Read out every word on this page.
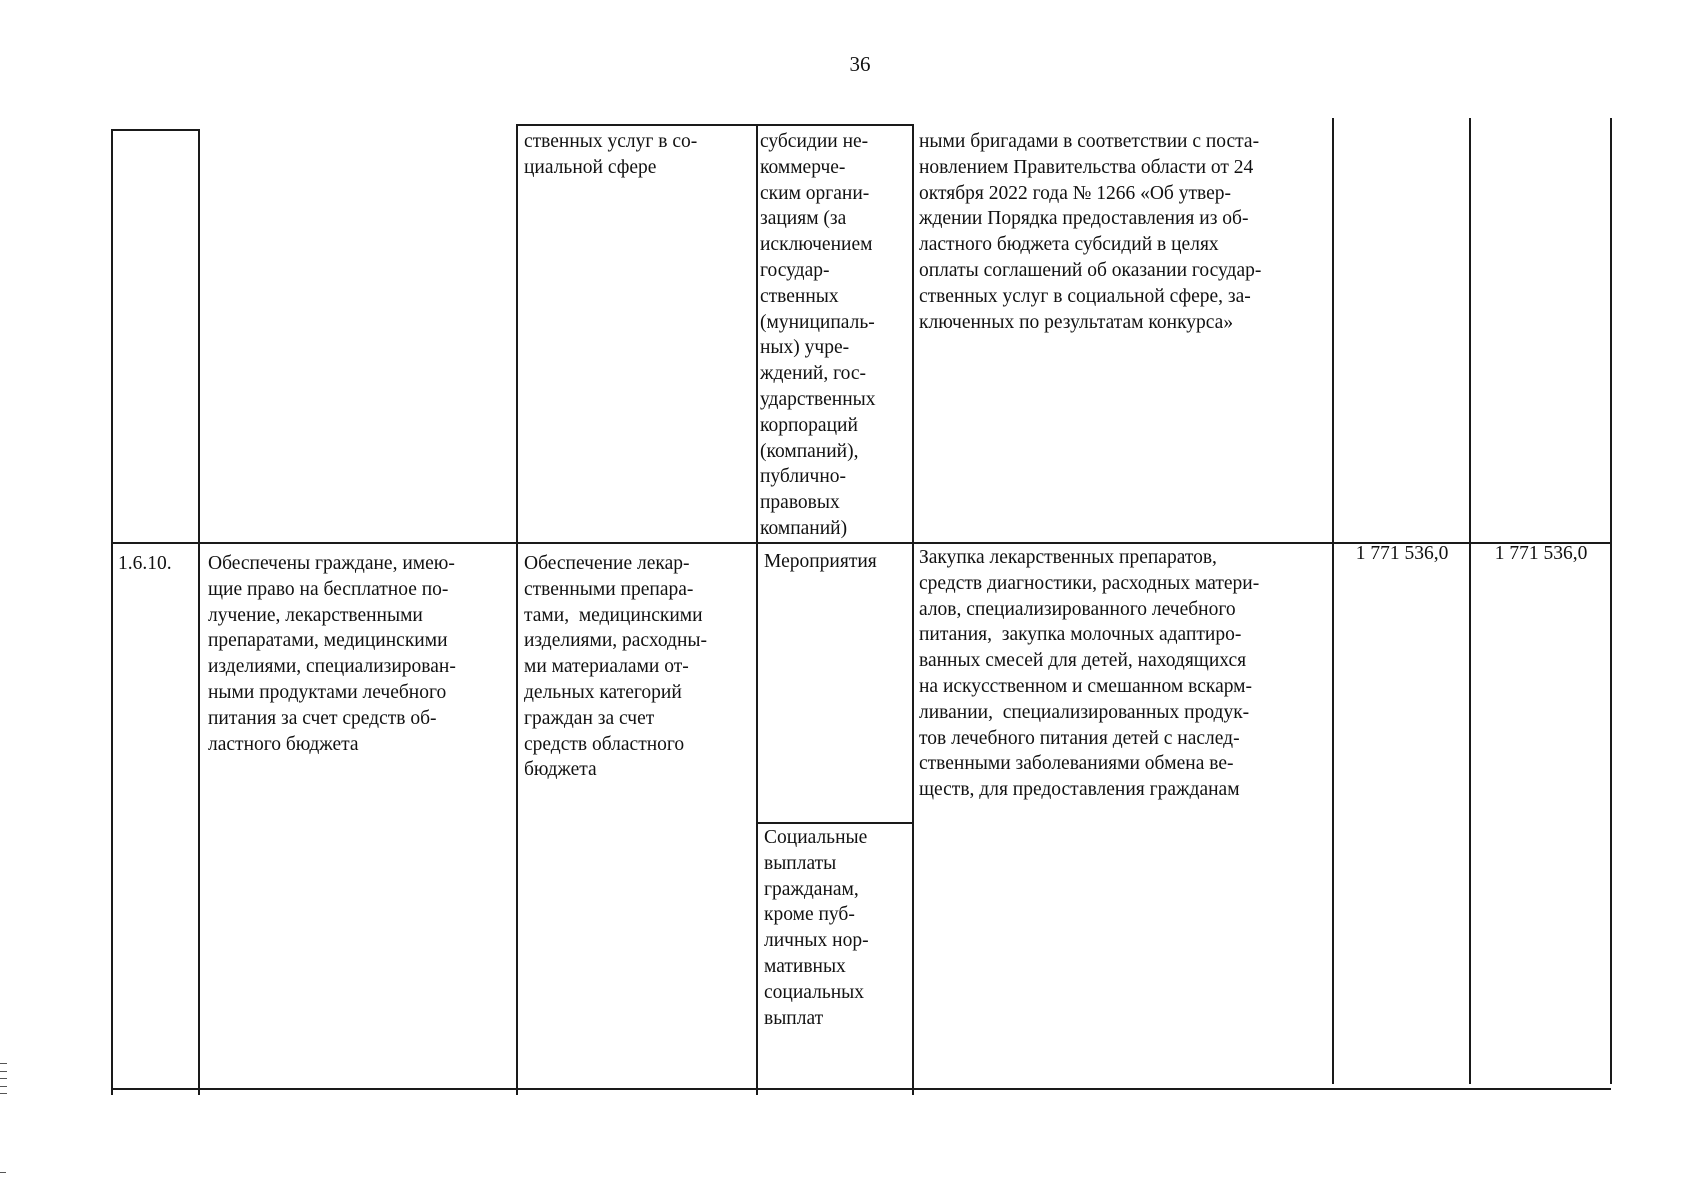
36
ственных услуг в со-
циальной сфере
субсидии не-
коммерче-
ским органи-
зациям (за
исключением
государ-
ственных
(муниципаль-
ных) учре-
ждений, гос-
ударственных
корпораций
(компаний),
публично-
правовых
компаний)
ными бригадами в соответствии с поста-
новлением Правительства области от 24
октября 2022 года № 1266 «Об утвер-
ждении Порядка предоставления из об-
ластного бюджета субсидий в целях
оплаты соглашений об оказании государ-
ственных услуг в социальной сфере, за-
ключенных по результатам конкурса»
1.6.10.	Обеспечены граждане, имею-
щие право на бесплатное по-
лучение, лекарственными
препаратами, медицинскими
изделиями, специализирован-
ными продуктами лечебного
питания за счет средств об-
ластного бюджета
Обеспечение лекар-
ственными препара-
тами,  медицинскими
изделиями, расходны-
ми материалами от-
дельных категорий
граждан за счет
средств областного
бюджета
Мероприятия
Социальные
выплаты
гражданам,
кроме пуб-
личных нор-
мативных
социальных
выплат
Закупка лекарственных препаратов,
средств диагностики, расходных матери-
алов, специализированного лечебного
питания,  закупка молочных адаптиро-
ванных смесей для детей, находящихся
на искусственном и смешанном вскарм-
ливании,  специализированных продук-
тов лечебного питания детей с наслед-
ственными заболеваниями обмена ве-
ществ, для предоставления гражданам
1 771 536,0	1 771 536,0
